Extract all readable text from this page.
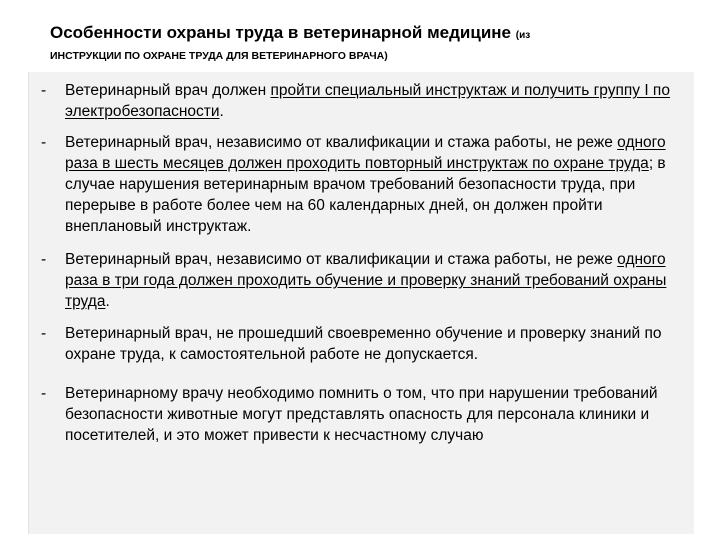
Особенности охраны труда в ветеринарной медицине (из
ИНСТРУКЦИИ ПО ОХРАНЕ ТРУДА ДЛЯ ВЕТЕРИНАРНОГО ВРАЧА)
- Ветеринарный врач должен пройти специальный инструктаж и получить группу I по электробезопасности.
- Ветеринарный врач, независимо от квалификации и стажа работы, не реже одного раза в шесть месяцев должен проходить повторный инструктаж по охране труда; в случае нарушения ветеринарным врачом требований безопасности труда, при перерыве в работе более чем на 60 календарных дней, он должен пройти внеплановый инструктаж.
- Ветеринарный врач, независимо от квалификации и стажа работы, не реже одного раза в три года должен проходить обучение и проверку знаний требований охраны труда.
- Ветеринарный врач, не прошедший своевременно обучение и проверку знаний по охране труда, к самостоятельной работе не допускается.
- Ветеринарному врачу необходимо помнить о том, что при нарушении требований безопасности животные могут представлять опасность для персонала клиники и посетителей, и это может привести к несчастному случаю
